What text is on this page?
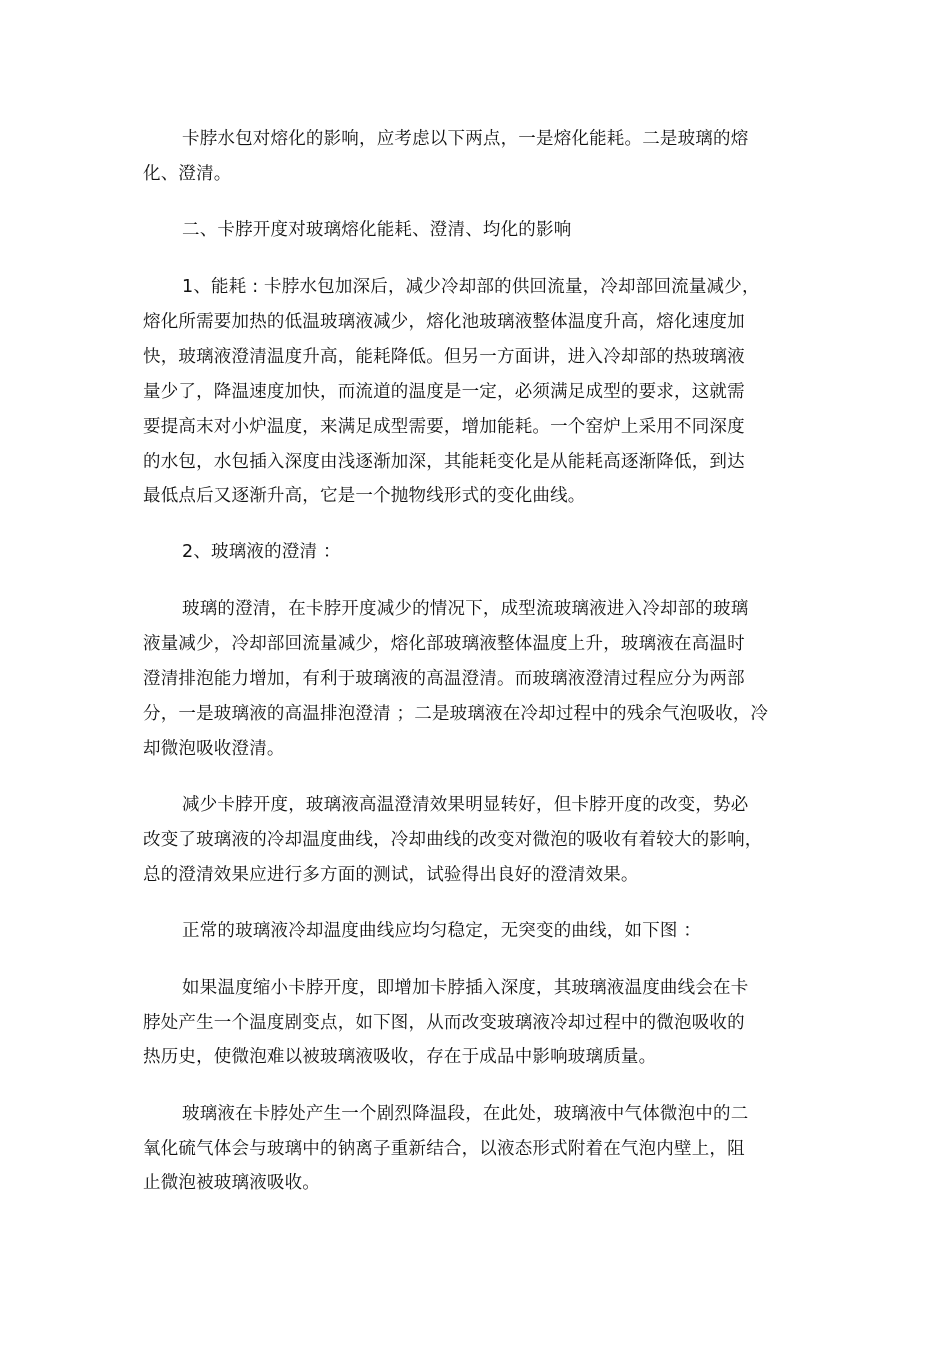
卡脖水包对熔化的影响，应考虑以下两点，一是熔化能耗。二是玻璃的熔
化、澄清。
二、卡脖开度对玻璃熔化能耗、澄清、均化的影响
1、能耗 : 卡脖水包加深后，减少冷却部的供回流量，冷却部回流量减少，
熔化所需要加热的低温玻璃液减少，熔化池玻璃液整体温度升高，熔化速度加
快，玻璃液澄清温度升高，能耗降低。但另一方面讲，进入冷却部的热玻璃液
量少了，降温速度加快，而流道的温度是一定，必须满足成型的要求，这就需
要提高末对小炉温度，来满足成型需要，增加能耗。一个窑炉上采用不同深度
的水包，水包插入深度由浅逐渐加深，其能耗变化是从能耗高逐渐降低，到达
最低点后又逐渐升高，它是一个抛物线形式的变化曲线。
2、玻璃液的澄清 ：
玻璃的澄清，在卡脖开度减少的情况下，成型流玻璃液进入冷却部的玻璃
液量减少，冷却部回流量减少，熔化部玻璃液整体温度上升，玻璃液在高温时
澄清排泡能力增加，有利于玻璃液的高温澄清。而玻璃液澄清过程应分为两部
分，一是玻璃液的高温排泡澄清 ；二是玻璃液在冷却过程中的残余气泡吸收，冷
却微泡吸收澄清。
减少卡脖开度，玻璃液高温澄清效果明显转好，但卡脖开度的改变，势必
改变了玻璃液的冷却温度曲线，冷却曲线的改变对微泡的吸收有着较大的影响，
总的澄清效果应进行多方面的测试，试验得出良好的澄清效果。
正常的玻璃液冷却温度曲线应均匀稳定，无突变的曲线，如下图 ：
如果温度缩小卡脖开度，即增加卡脖插入深度，其玻璃液温度曲线会在卡
脖处产生一个温度剧变点，如下图，从而改变玻璃液冷却过程中的微泡吸收的
热历史，使微泡难以被玻璃液吸收，存在于成品中影响玻璃质量。
玻璃液在卡脖处产生一个剧烈降温段，在此处，玻璃液中气体微泡中的二
氧化硫气体会与玻璃中的钠离子重新结合，以液态形式附着在气泡内壁上，阻
止微泡被玻璃液吸收。
